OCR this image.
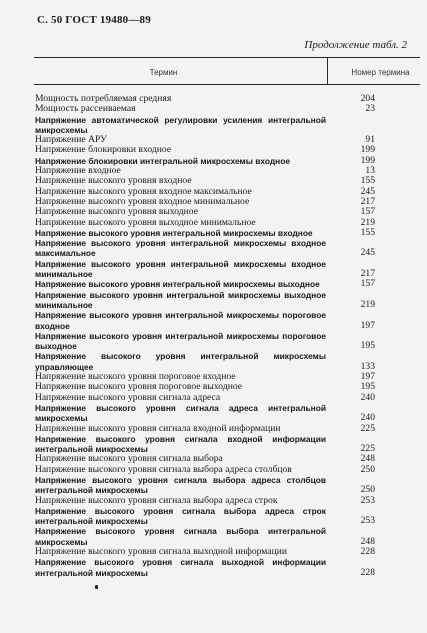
С. 50 ГОСТ 19480—89
Продолжение табл. 2
Термин	Номер термина
Мощность потребляемая средняя	204
Мощность рассеиваемая	23
Напряжение автоматической регулировки усиления интегральной микросхемы
Напряжение АРУ	91
Напряжение блокировки входное	199
Напряжение блокировки интегральной микросхемы входное	199
Напряжение входное	13
Напряжение высокого уровня входное	155
Напряжение высокого уровня входное максимальное	245
Напряжение высокого уровня входное минимальное	217
Напряжение высокого уровня выходное	157
Напряжение высокого уровня выходное минимальное	219
Напряжение высокого уровня интегральной микросхемы входное	155
Напряжение высокого уровня интегральной микросхемы входное максимальное	245
Напряжение высокого уровня интегральной микросхемы входное минимальное	217
Напряжение высокого уровня интегральной микросхемы выходное	157
Напряжение высокого уровня интегральной микросхемы выходное минимальное	219
Напряжение высокого уровня интегральной микросхемы пороговое входное	197
Напряжение высокого уровня интегральной микросхемы пороговое выходное	195
Напряжение высокого уровня интегральной микросхемы управляющее	133
Напряжение высокого уровня пороговое входное	197
Напряжение высокого уровня пороговое выходное	195
Напряжение высокого уровня сигнала адреса	240
Напряжение высокого уровня сигнала адреса интегральной микросхемы	240
Напряжение высокого уровня сигнала входной информации	225
Напряжение высокого уровня сигнала входной информации интегральной микросхемы	225
Напряжение высокого уровня сигнала выбора	248
Напряжение высокого уровня сигнала выбора адреса столбцов	250
Напряжение высокого уровня сигнала выбора адреса столбцов интегральной микросхемы	250
Напряжение высокого уровня сигнала выбора адреса строк	253
Напряжение высокого уровня сигнала выбора адреса строк интегральной микросхемы	253
Напряжение высокого уровня сигнала выбора интегральной микросхемы	248
Напряжение высокого уровня сигнала выходной информации	228
Напряжение высокого уровня сигнала выходной информации интегральной микросхемы	228
